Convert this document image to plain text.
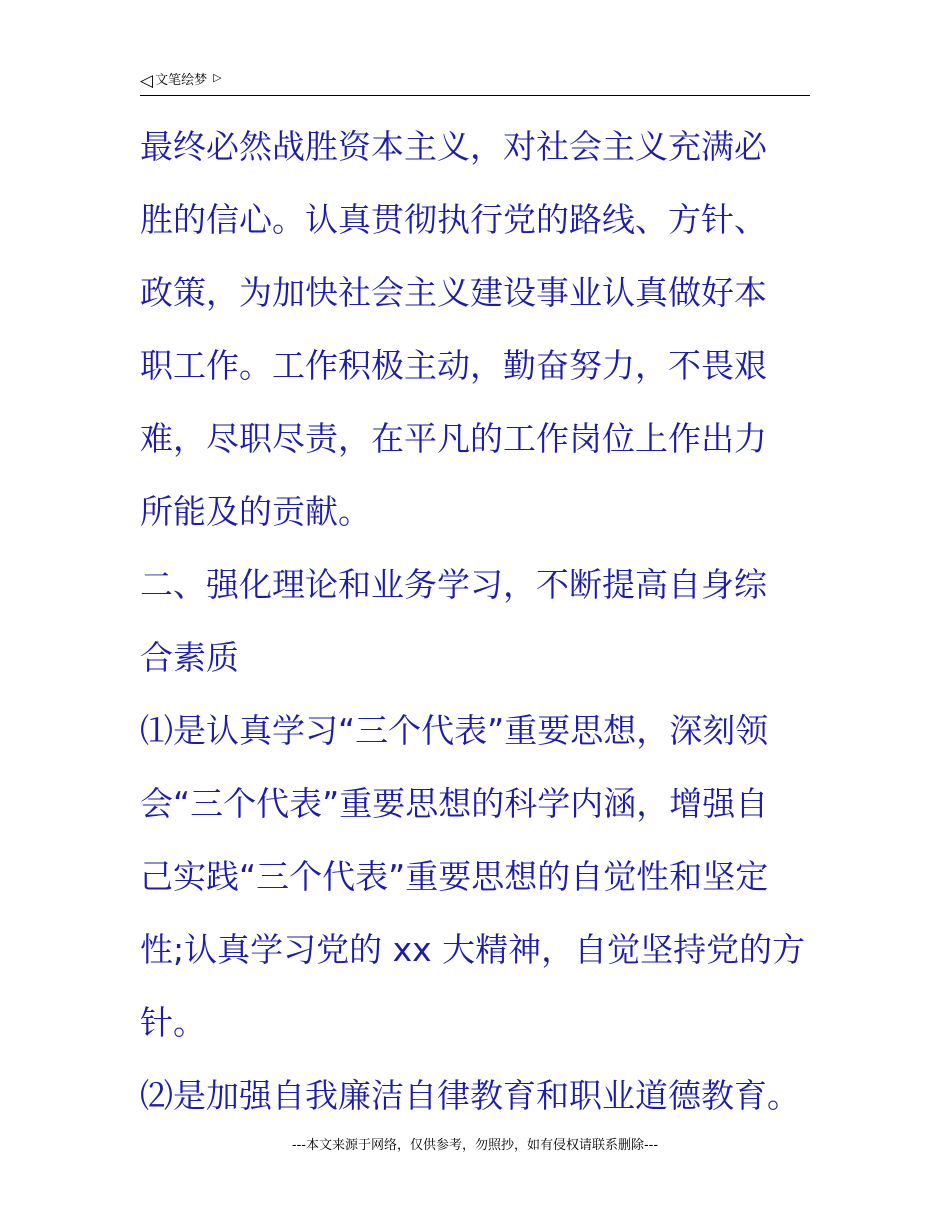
◁ 文笔绘梦 ▷
最终必然战胜资本主义，对社会主义充满必
胜的信心。认真贯彻执行党的路线、方针、
政策，为加快社会主义建设事业认真做好本
职工作。工作积极主动，勤奋努力，不畏艰
难，尽职尽责，在平凡的工作岗位上作出力
所能及的贡献。
二、强化理论和业务学习，不断提高自身综
合素质
⑴是认真学习“三个代表”重要思想，深刻领
会“三个代表”重要思想的科学内涵，增强自
己实践“三个代表”重要思想的自觉性和坚定
性;认真学习党的 xx 大精神，自觉坚持党的方
针。
⑵是加强自我廉洁自律教育和职业道德教育。
---本文来源于网络，仅供参考，勿照抄，如有侵权请联系删除---
